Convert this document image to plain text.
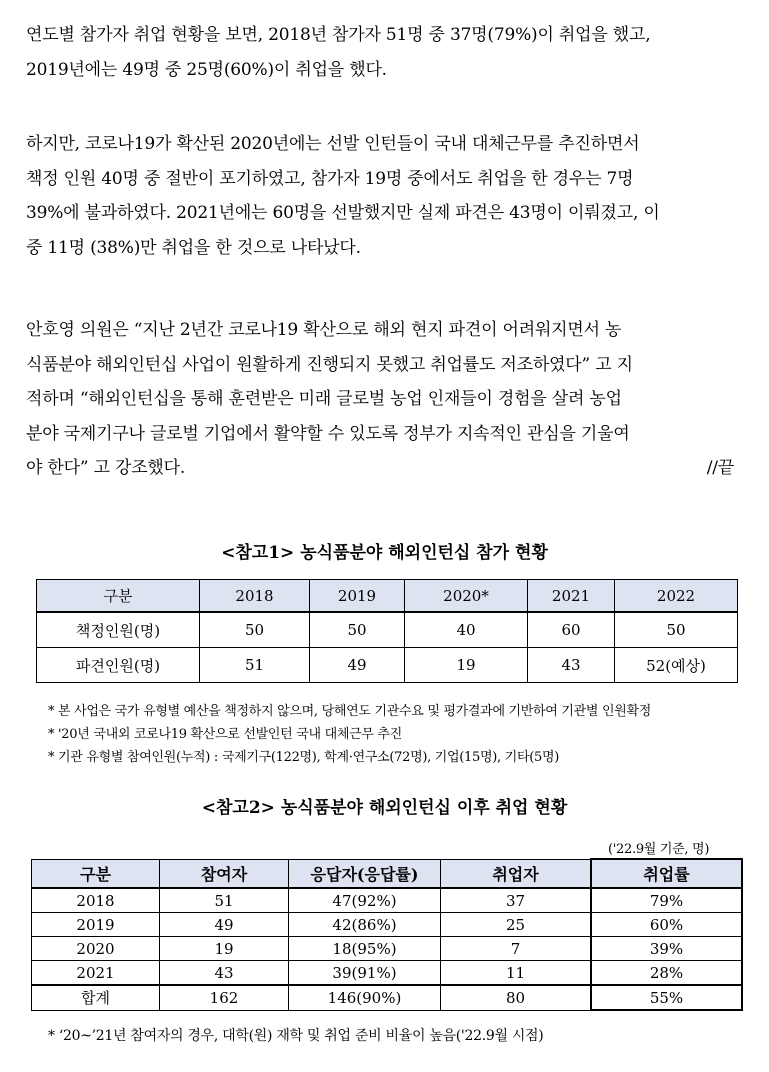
연도별 참가자 취업 현황을 보면, 2018년 참가자 51명 중 37명(79%)이 취업을 했고,
2019년에는 49명 중 25명(60%)이 취업을 했다.
하지만, 코로나19가 확산된 2020년에는 선발 인턴들이 국내 대체근무를 추진하면서
책정 인원 40명 중 절반이 포기하였고, 참가자 19명 중에서도 취업을 한 경우는 7명
39%에 불과하였다. 2021년에는 60명을 선발했지만 실제 파견은 43명이 이뤄졌고, 이
중 11명 (38%)만 취업을 한 것으로 나타났다.
안호영 의원은 “지난 2년간 코로나19 확산으로 해외 현지 파견이 어려워지면서 농
식품분야 해외인턴십 사업이 원활하게 진행되지 못했고 취업률도 저조하였다” 고 지
적하며 “해외인턴십을 통해 훈련받은 미래 글로벌 농업 인재들이 경험을 살려 농업
분야 국제기구나 글로벌 기업에서 활약할 수 있도록 정부가 지속적인 관심을 기울여
야 한다” 고 강조했다.	//끝
<참고1> 농식품분야 해외인턴십 참가 현황
구분	2018	2019	2020*	2021	2022
책정인원(명)	50	50	40	60	50
파견인원(명)	51	49	19	43	52(예상)
* 본 사업은 국가 유형별 예산을 책정하지 않으며, 당해연도 기관수요 및 평가결과에 기반하여 기관별 인원확정
* '20년 국내외 코로나19 확산으로 선발인턴 국내 대체근무 추진
* 기관 유형별 참여인원(누적) : 국제기구(122명), 학계·연구소(72명), 기업(15명), 기타(5명)
<참고2> 농식품분야 해외인턴십 이후 취업 현황
('22.9월 기준, 명)
구분	참여자	응답자(응답률)	취업자	취업률
2018	51	47(92%)	37	79%
2019	49	42(86%)	25	60%
2020	19	18(95%)	7	39%
2021	43	39(91%)	11	28%
합계	162	146(90%)	80	55%
* ‘20~’21년 참여자의 경우, 대학(원) 재학 및 취업 준비 비율이 높음('22.9월 시점)
